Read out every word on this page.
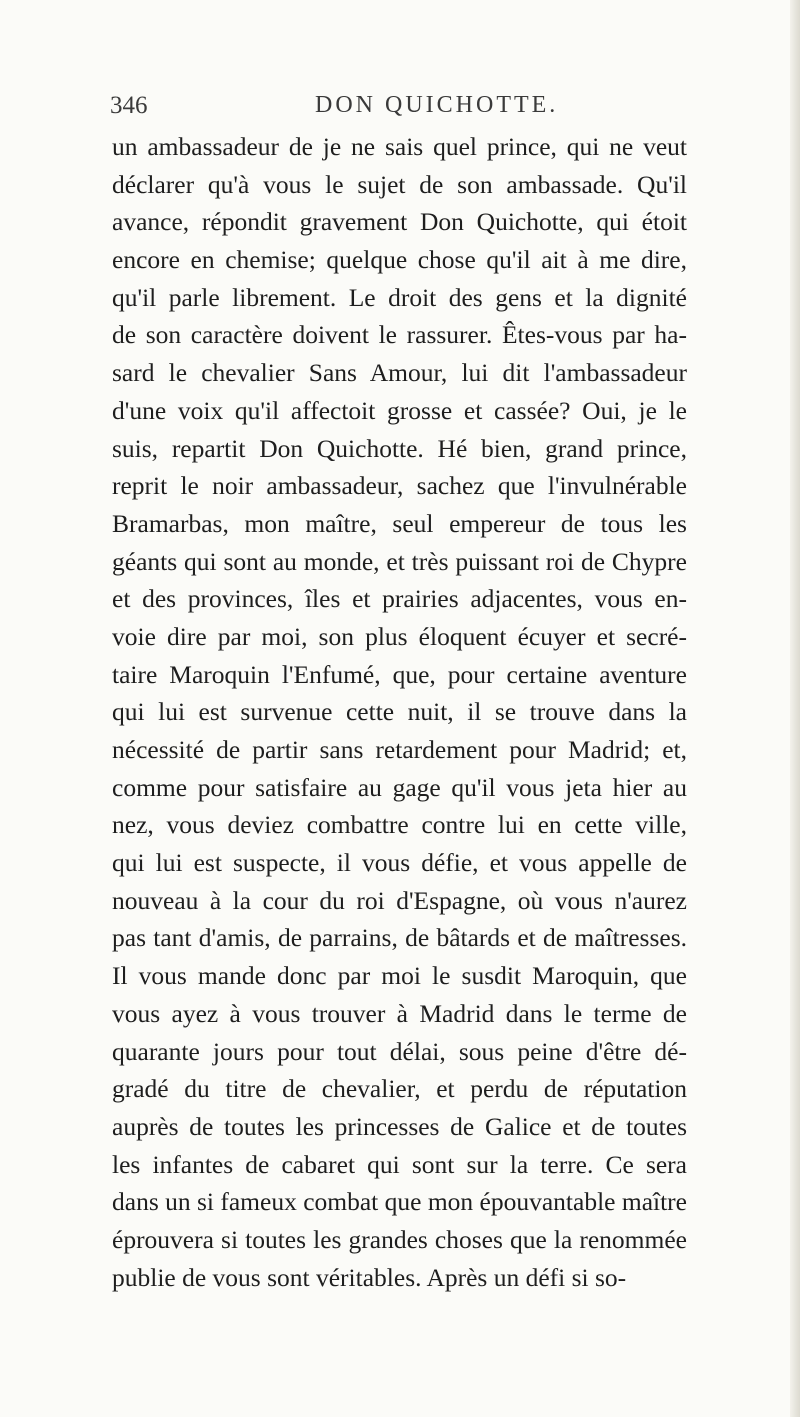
346	DON QUICHOTTE.
un ambassadeur de je ne sais quel prince, qui ne veut
déclarer qu'à vous le sujet de son ambassade. Qu'il
avance, répondit gravement Don Quichotte, qui étoit
encore en chemise; quelque chose qu'il ait à me dire,
qu'il parle librement. Le droit des gens et la dignité
de son caractère doivent le rassurer. Êtes-vous par ha-
sard le chevalier Sans Amour, lui dit l'ambassadeur
d'une voix qu'il affectoit grosse et cassée? Oui, je le
suis, repartit Don Quichotte. Hé bien, grand prince,
reprit le noir ambassadeur, sachez que l'invulnérable
Bramarbas, mon maître, seul empereur de tous les
géants qui sont au monde, et très puissant roi de Chypre
et des provinces, îles et prairies adjacentes, vous en-
voie dire par moi, son plus éloquent écuyer et secré-
taire Maroquin l'Enfumé, que, pour certaine aventure
qui lui est survenue cette nuit, il se trouve dans la
nécessité de partir sans retardement pour Madrid; et,
comme pour satisfaire au gage qu'il vous jeta hier au
nez, vous deviez combattre contre lui en cette ville,
qui lui est suspecte, il vous défie, et vous appelle de
nouveau à la cour du roi d'Espagne, où vous n'aurez
pas tant d'amis, de parrains, de bâtards et de maîtresses.
Il vous mande donc par moi le susdit Maroquin, que
vous ayez à vous trouver à Madrid dans le terme de
quarante jours pour tout délai, sous peine d'être dé-
gradé du titre de chevalier, et perdu de réputation
auprès de toutes les princesses de Galice et de toutes
les infantes de cabaret qui sont sur la terre. Ce sera
dans un si fameux combat que mon épouvantable maître
éprouvera si toutes les grandes choses que la renommée
publie de vous sont véritables. Après un défi si so-
